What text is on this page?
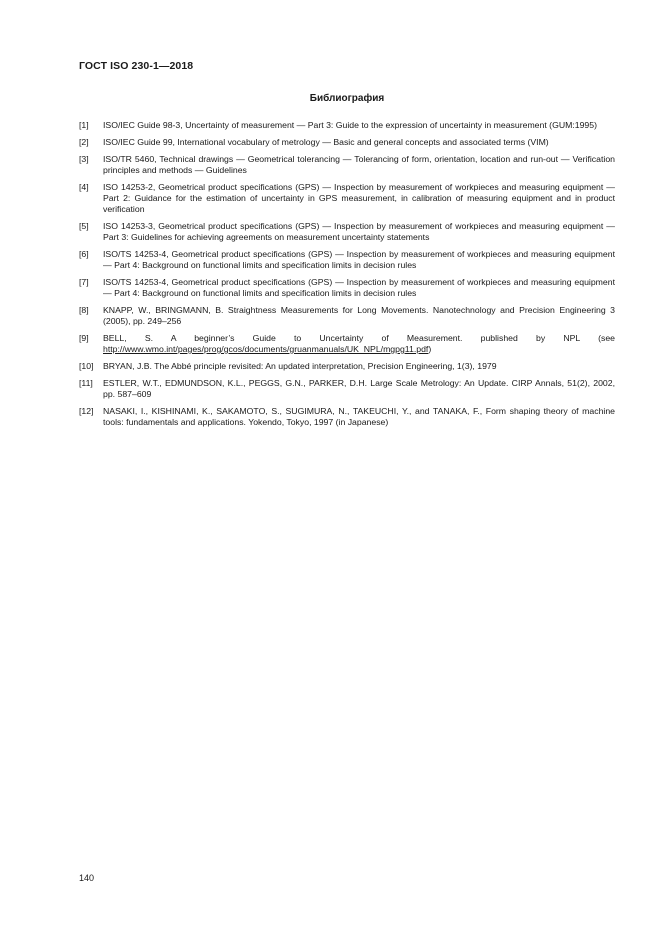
ГОСТ ISO 230-1—2018
Библиография
[1]	ISO/IEC Guide 98-3, Uncertainty of measurement — Part 3: Guide to the expression of uncertainty in measurement (GUM:1995)
[2]	ISO/IEC Guide 99, International vocabulary of metrology — Basic and general concepts and associated terms (VIM)
[3]	ISO/TR 5460, Technical drawings — Geometrical tolerancing — Tolerancing of form, orientation, location and run-out — Verification principles and methods — Guidelines
[4]	ISO 14253-2, Geometrical product specifications (GPS) — Inspection by measurement of workpieces and measuring equipment — Part 2: Guidance for the estimation of uncertainty in GPS measurement, in calibration of measuring equipment and in product verification
[5]	ISO 14253-3, Geometrical product specifications (GPS) — Inspection by measurement of workpieces and measuring equipment — Part 3: Guidelines for achieving agreements on measurement uncertainty statements
[6]	ISO/TS 14253-4, Geometrical product specifications (GPS) — Inspection by measurement of workpieces and measuring equipment — Part 4: Background on functional limits and specification limits in decision rules
[7]	ISO/TS 14253-4, Geometrical product specifications (GPS) — Inspection by measurement of workpieces and measuring equipment — Part 4: Background on functional limits and specification limits in decision rules
[8]	KNAPP, W., BRINGMANN, B. Straightness Measurements for Long Movements. Nanotechnology and Precision Engineering 3 (2005), pp. 249–256
[9]	BELL, S. A beginner’s Guide to Uncertainty of Measurement. published by NPL (see http://www.wmo.int/pages/prog/gcos/documents/gruanmanuals/UK_NPL/mgpg11.pdf)
[10]	BRYAN, J.B. The Abbé principle revisited: An updated interpretation, Precision Engineering, 1(3), 1979
[11]	ESTLER, W.T., EDMUNDSON, K.L., PEGGS, G.N., PARKER, D.H. Large Scale Metrology: An Update. CIRP Annals, 51(2), 2002, pp. 587–609
[12]	NASAKI, I., KISHINAMI, K., SAKAMOTO, S., SUGIMURA, N., TAKEUCHI, Y., and TANAKA, F., Form shaping theory of machine tools: fundamentals and applications. Yokendo, Tokyo, 1997 (in Japanese)
140
